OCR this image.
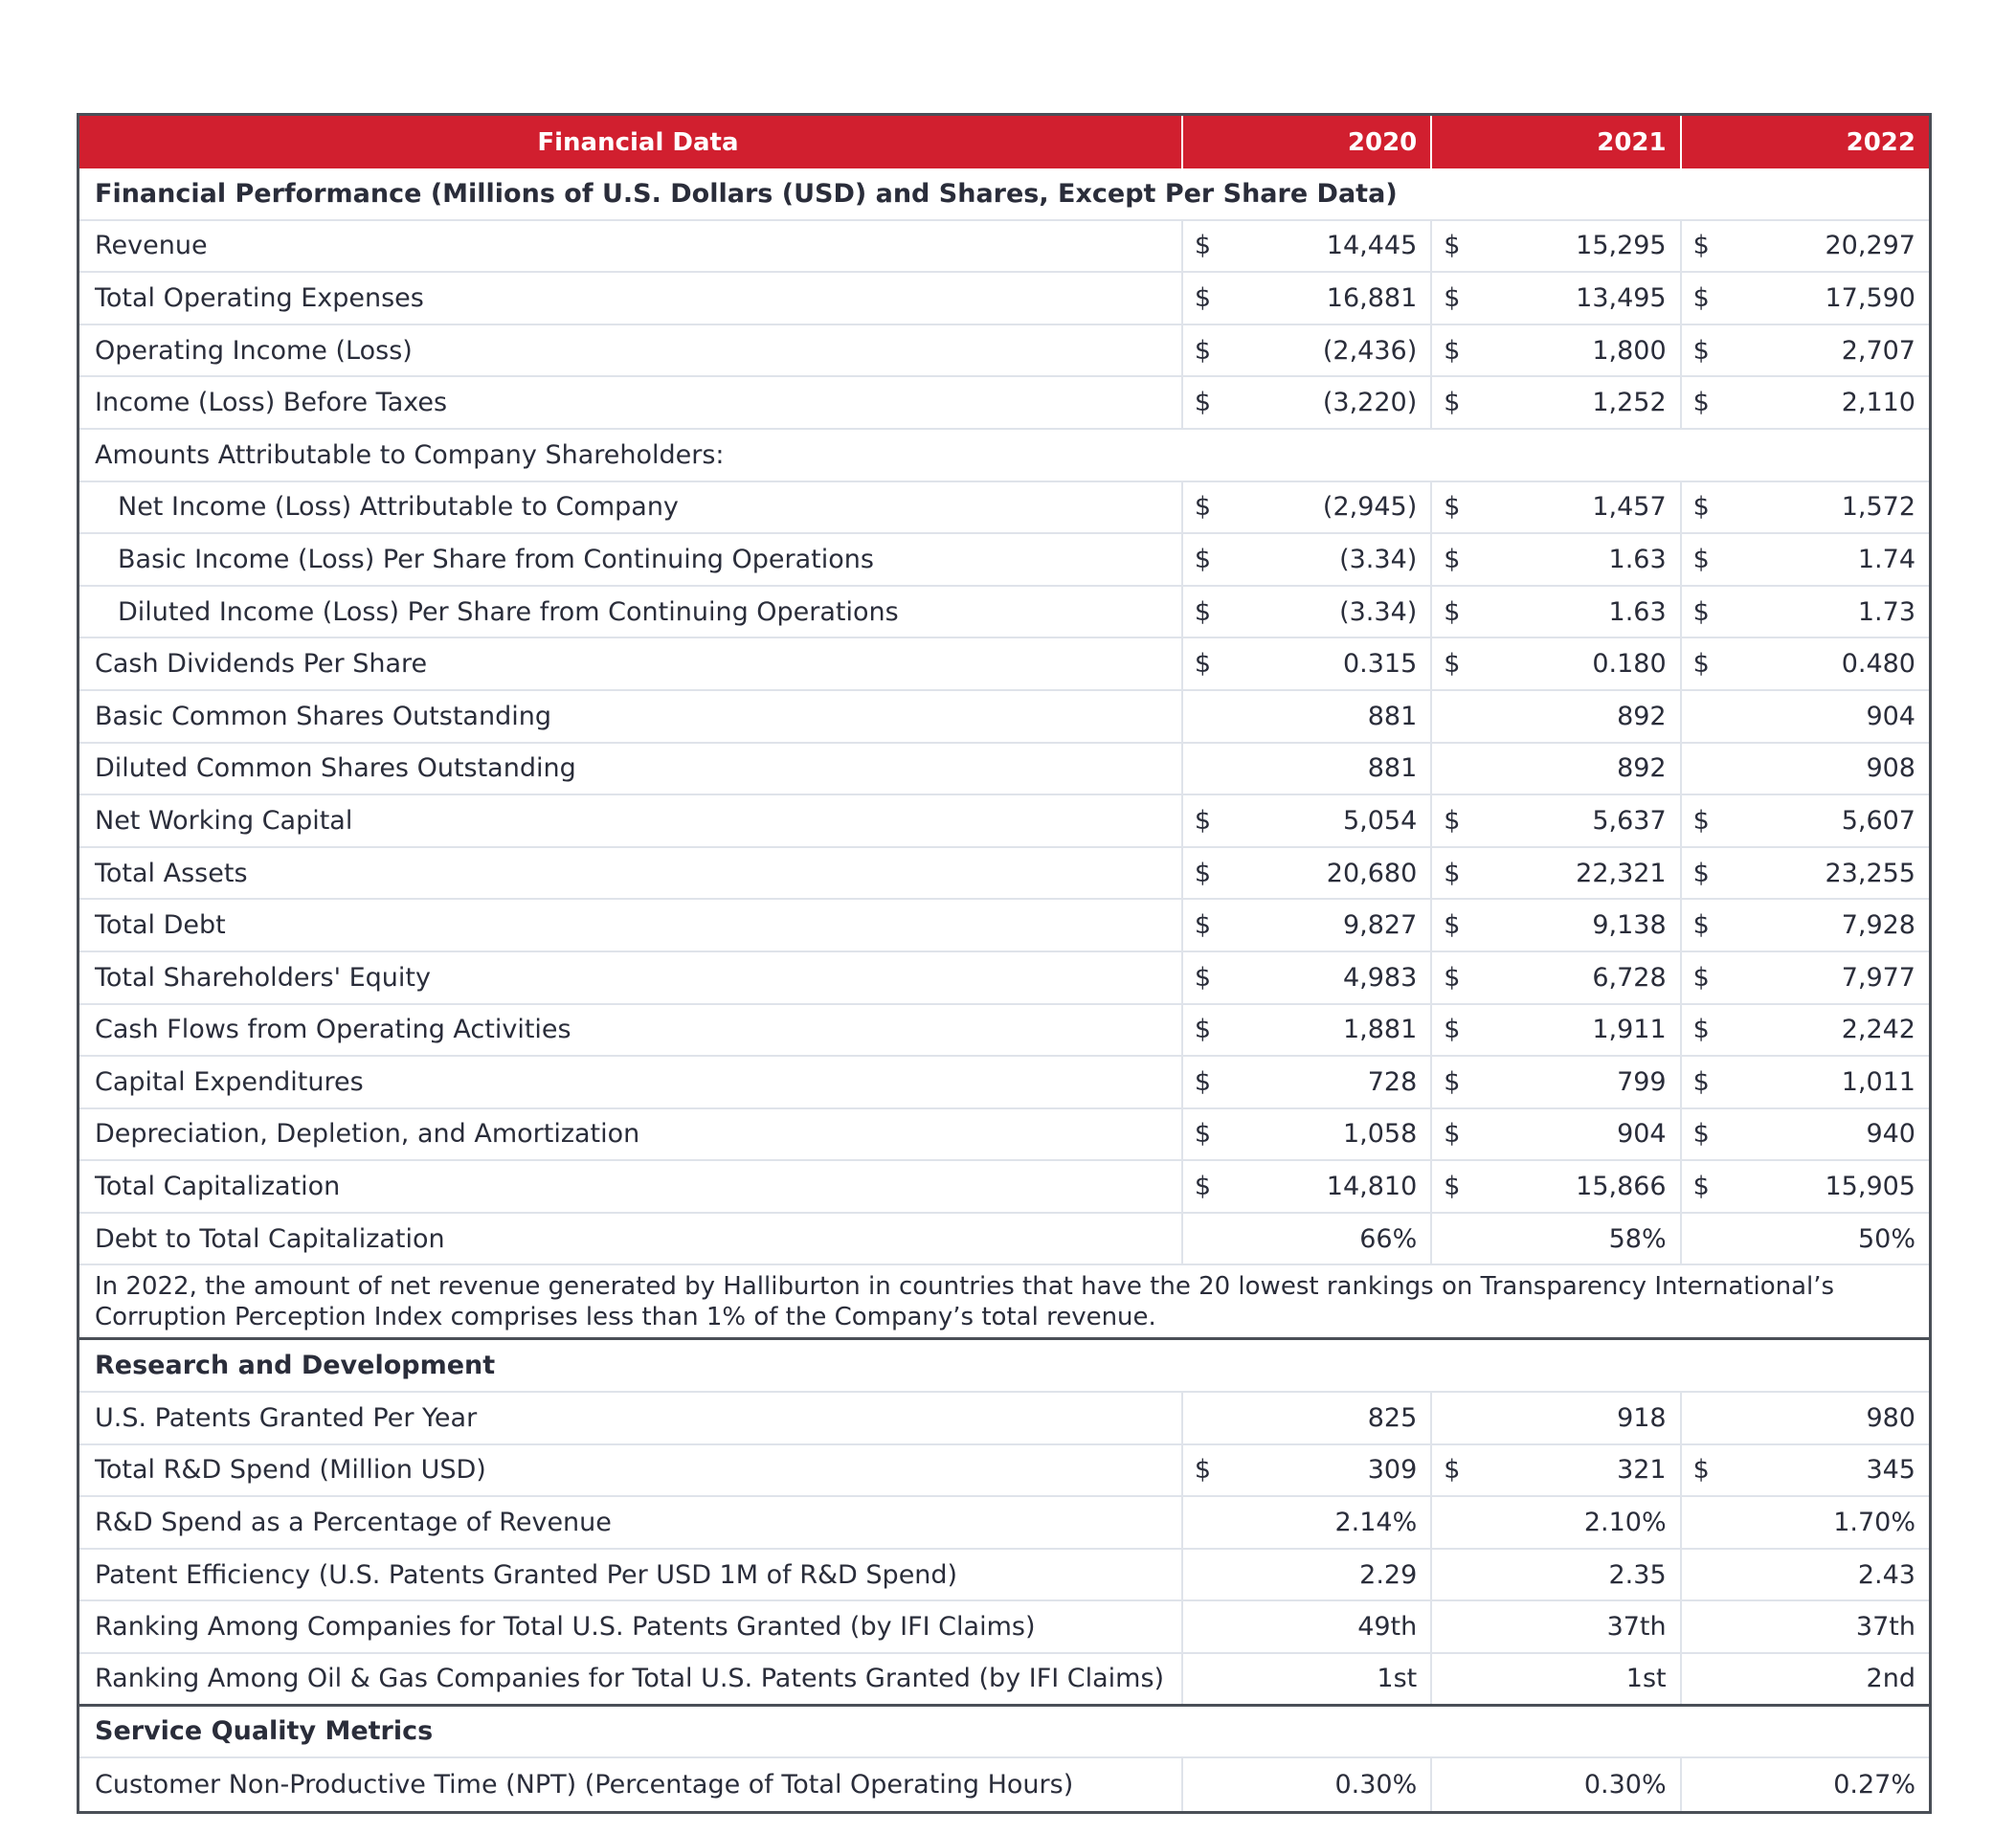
Financial Data	2020	2021	2022
Financial Performance (Millions of U.S. Dollars (USD) and Shares, Except Per Share Data)
Revenue	$	14,445 $	15,295 $	20,297
Total Operating Expenses	$	16,881 $	13,495 $	17,590
Operating Income (Loss)	$	(2,436) $	1,800 $	2,707
Income (Loss) Before Taxes	$	(3,220) $	1,252 $	2,110
Amounts Attributable to Company Shareholders:
Net Income (Loss) Attributable to Company	$	(2,945) $	1,457 $	1,572
Basic Income (Loss) Per Share from Continuing Operations	$	(3.34) $	1.63 $	1.74
Diluted Income (Loss) Per Share from Continuing Operations	$	(3.34) $	1.63 $	1.73
Cash Dividends Per Share	$	0.315 $	0.180 $	0.480
Basic Common Shares Outstanding	881	892	904
Diluted Common Shares Outstanding	881	892	908
Net Working Capital	$	5,054 $	5,637 $	5,607
Total Assets	$	20,680 $	22,321 $	23,255
Total Debt	$	9,827 $	9,138 $	7,928
Total Shareholders' Equity	$	4,983 $	6,728 $	7,977
Cash Flows from Operating Activities	$	1,881 $	1,911 $	2,242
Capital Expenditures	$	728 $	799 $	1,011
Depreciation, Depletion, and Amortization	$	1,058 $	904 $	940
Total Capitalization	$	14,810 $	15,866 $	15,905
Debt to Total Capitalization	66%	58%	50%
In 2022, the amount of net revenue generated by Halliburton in countries that have the 20 lowest rankings on Transparency International’s Corruption Perception Index comprises less than 1% of the Company’s total revenue.
Research and Development
U.S. Patents Granted Per Year	825	918	980
Total R&D Spend (Million USD)	$	309 $	321 $	345
R&D Spend as a Percentage of Revenue	2.14%	2.10%	1.70%
Patent Efficiency (U.S. Patents Granted Per USD 1M of R&D Spend)	2.29	2.35	2.43
Ranking Among Companies for Total U.S. Patents Granted (by IFI Claims)	49th	37th	37th
Ranking Among Oil & Gas Companies for Total U.S. Patents Granted (by IFI Claims)	1st	1st	2nd
Service Quality Metrics
Customer Non-Productive Time (NPT) (Percentage of Total Operating Hours)	0.30%	0.30%	0.27%
